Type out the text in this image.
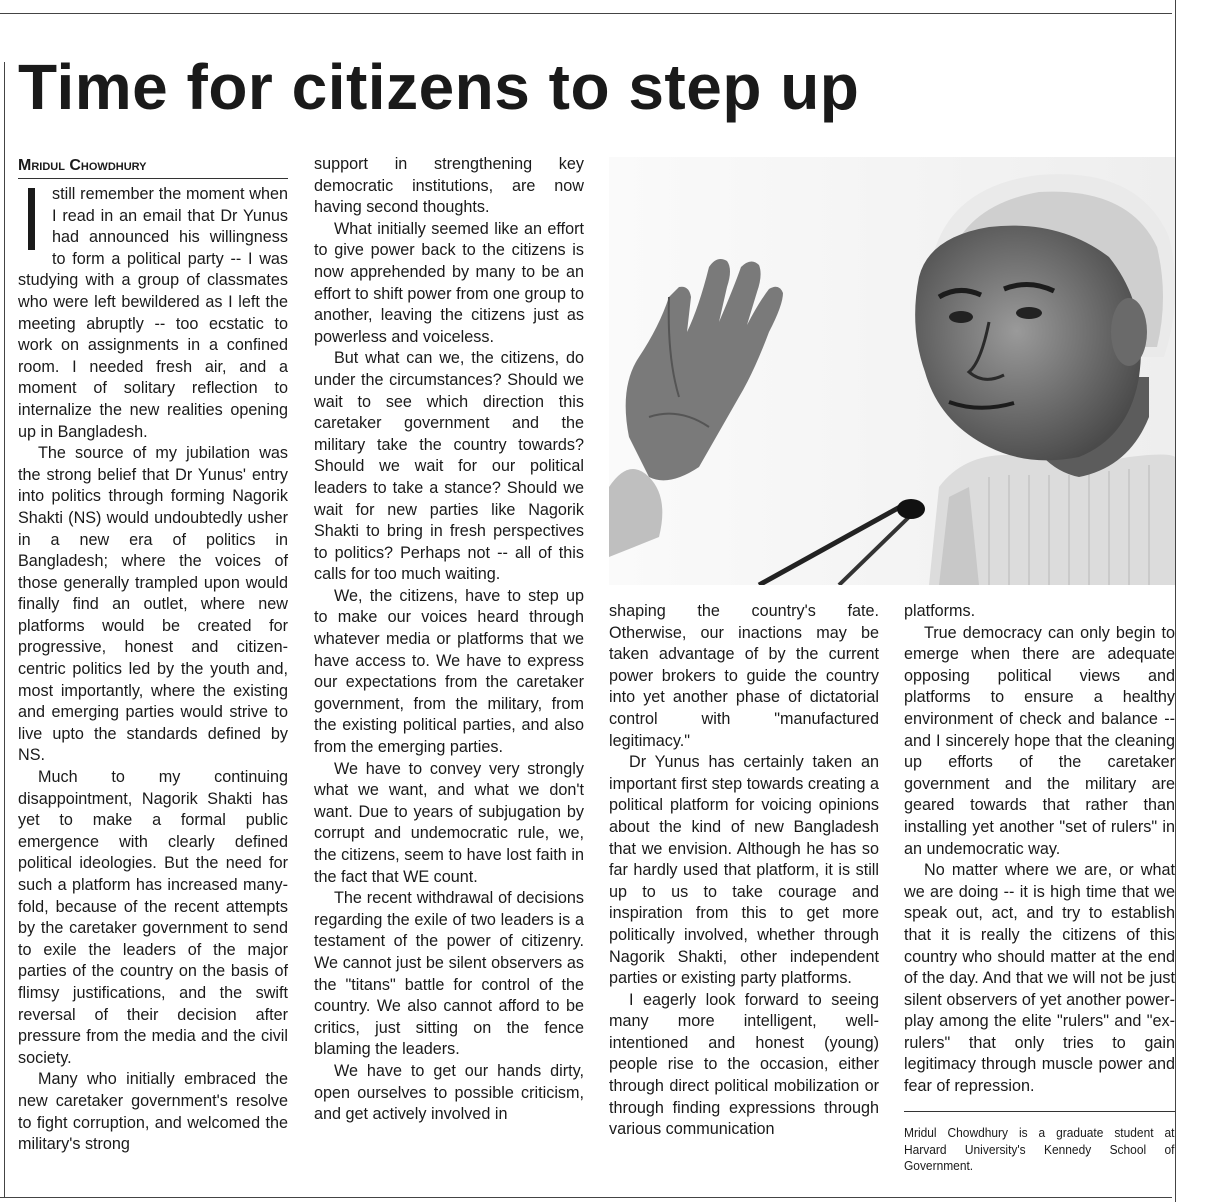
Time for citizens to step up
Mridul Chowdhury

still remember the moment when I read in an email that Dr Yunus had announced his willingness to form a political party -- I was studying with a group of classmates who were left bewildered as I left the meeting abruptly -- too ecstatic to work on assignments in a confined room. I needed fresh air, and a moment of solitary reflection to internalize the new realities opening up in Bangladesh.

The source of my jubilation was the strong belief that Dr Yunus' entry into politics through forming Nagorik Shakti (NS) would undoubtedly usher in a new era of politics in Bangladesh; where the voices of those generally trampled upon would finally find an outlet, where new platforms would be created for progressive, honest and citizen-centric politics led by the youth and, most importantly, where the existing and emerging parties would strive to live upto the standards defined by NS.

Much to my continuing disappointment, Nagorik Shakti has yet to make a formal public emergence with clearly defined political ideologies. But the need for such a platform has increased many-fold, because of the recent attempts by the caretaker government to send to exile the leaders of the major parties of the country on the basis of flimsy justifications, and the swift reversal of their decision after pressure from the media and the civil society.

Many who initially embraced the new caretaker government's resolve to fight corruption, and welcomed the military's strong

support in strengthening key democratic institutions, are now having second thoughts.

What initially seemed like an effort to give power back to the citizens is now apprehended by many to be an effort to shift power from one group to another, leaving the citizens just as powerless and voiceless.

But what can we, the citizens, do under the circumstances? Should we wait to see which direction this caretaker government and the military take the country towards? Should we wait for our political leaders to take a stance? Should we wait for new parties like Nagorik Shakti to bring in fresh perspectives to politics? Perhaps not -- all of this calls for too much waiting.

We, the citizens, have to step up to make our voices heard through whatever media or platforms that we have access to. We have to express our expectations from the caretaker government, from the military, from the existing political parties, and also from the emerging parties.

We have to convey very strongly what we want, and what we don't want. Due to years of subjugation by corrupt and undemocratic rule, we, the citizens, seem to have lost faith in the fact that WE count.

The recent withdrawal of decisions regarding the exile of two leaders is a testament of the power of citizenry. We cannot just be silent observers as the "titans" battle for control of the country. We also cannot afford to be critics, just sitting on the fence blaming the leaders.

We have to get our hands dirty, open ourselves to possible criticism, and get actively involved in

shaping the country's fate. Otherwise, our inactions may be taken advantage of by the current power brokers to guide the country into yet another phase of dictatorial control with "manufactured legitimacy."

Dr Yunus has certainly taken an important first step towards creating a political platform for voicing opinions about the kind of new Bangladesh that we envision. Although he has so far hardly used that platform, it is still up to us to take courage and inspiration from this to get more politically involved, whether through Nagorik Shakti, other independent parties or existing party platforms.

I eagerly look forward to seeing many more intelligent, well-intentioned and honest (young) people rise to the occasion, either through direct political mobilization or through finding expressions through various communication

platforms.

True democracy can only begin to emerge when there are adequate opposing political views and platforms to ensure a healthy environment of check and balance -- and I sincerely hope that the cleaning up efforts of the caretaker government and the military are geared towards that rather than installing yet another "set of rulers" in an undemocratic way.

No matter where we are, or what we are doing -- it is high time that we speak out, act, and try to establish that it is really the citizens of this country who should matter at the end of the day. And that we will not be just silent observers of yet another power-play among the elite "rulers" and "ex-rulers" that only tries to gain legitimacy through muscle power and fear of repression.

Mridul Chowdhury is a graduate student at Harvard University's Kennedy School of Government.
